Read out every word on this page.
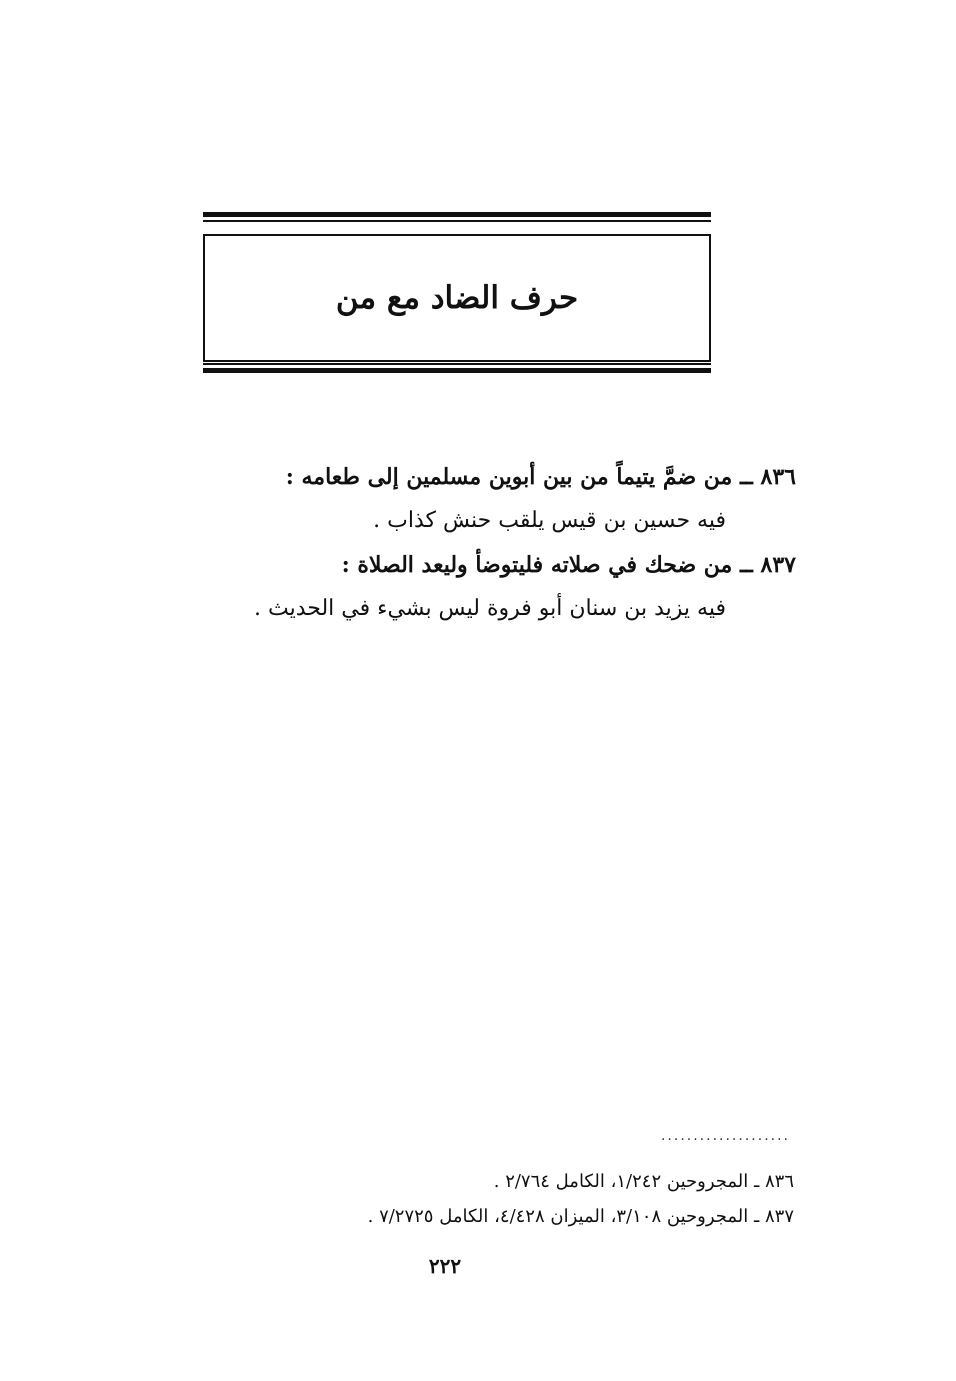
حرف الضاد مع من
٨٣٦ ــ من ضمَّ يتيماً من بين أبوين مسلمين إلى طعامه :
فيه حسين بن قيس يلقب حنش كذاب .
٨٣٧ ــ من ضحك في صلاته فليتوضأ وليعد الصلاة :
فيه يزيد بن سنان أبو فروة ليس بشيء في الحديث .
....................
٨٣٦ ـ المجروحين ١/٢٤٢، الكامل ٢/٧٦٤ .
٨٣٧ ـ المجروحين ٣/١٠٨، الميزان ٤/٤٢٨، الكامل ٧/٢٧٢٥ .
٢٢٢
